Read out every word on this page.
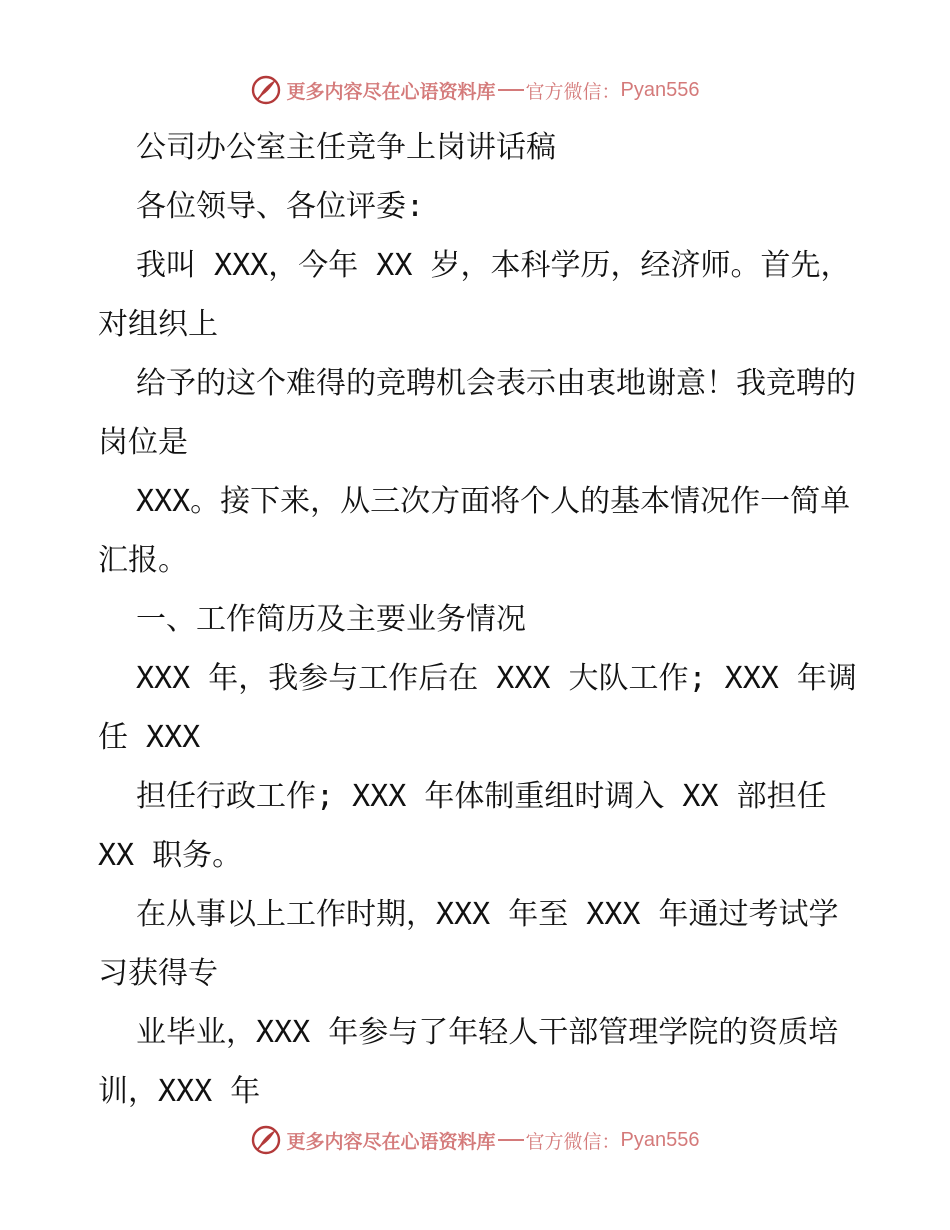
更多内容尽在心语资料库 官方微信： Pyan556

公司办公室主任竞争上岗讲话稿

各位领导、各位评委:

我叫 XXX，今年 XX 岁，本科学历，经济师。首先，对组织上

给予的这个难得的竞聘机会表示由衷地谢意！我竞聘的岗位是

XXX。接下来，从三次方面将个人的基本情况作一简单汇报。

一、工作简历及主要业务情况

XXX 年，我参与工作后在 XXX 大队工作; XXX 年调任 XXX

担任行政工作; XXX 年体制重组时调入 XX 部担任 XX 职务。

在从事以上工作时期，XXX 年至 XXX 年通过考试学习获得专

业毕业，XXX 年参与了年轻人干部管理学院的资质培训，XXX 年

更多内容尽在心语资料库 官方微信： Pyan556
